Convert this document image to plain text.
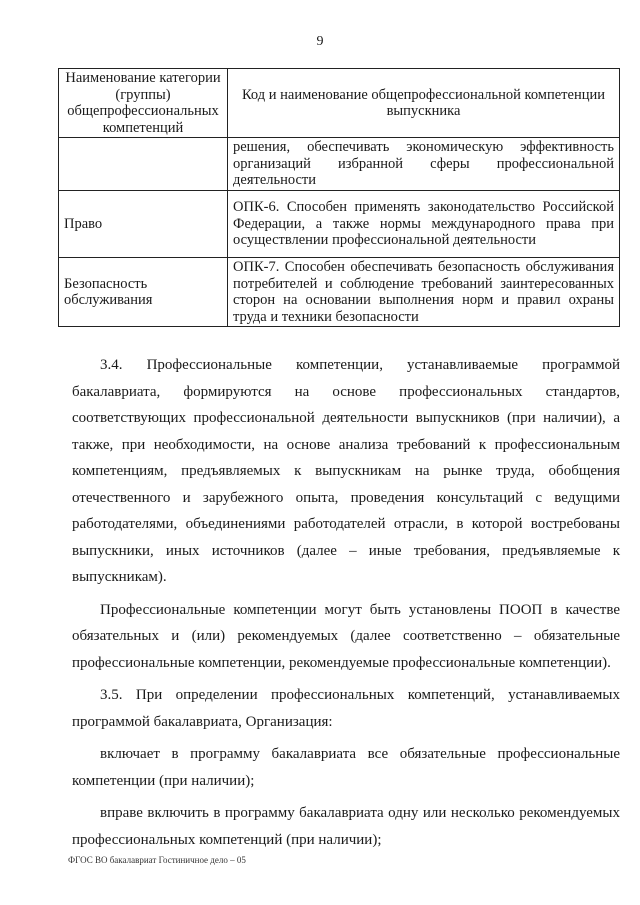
9
Наименование категории (группы) общепрофессиональных компетенций	Код и наименование общепрофессиональной компетенции выпускника
	решения, обеспечивать экономическую эффективность организаций избранной сферы профессиональной деятельности
Право	ОПК-6. Способен применять законодательство Российской Федерации, а также нормы международного права при осуществлении профессиональной деятельности
Безопасность обслуживания	ОПК-7. Способен обеспечивать безопасность обслуживания потребителей и соблюдение требований заинтересованных сторон на основании выполнения норм и правил охраны труда и техники безопасности

3.4. Профессиональные компетенции, устанавливаемые программой бакалавриата, формируются на основе профессиональных стандартов, соответствующих профессиональной деятельности выпускников (при наличии), а также, при необходимости, на основе анализа требований к профессиональным компетенциям, предъявляемых к выпускникам на рынке труда, обобщения отечественного и зарубежного опыта, проведения консультаций с ведущими работодателями, объединениями работодателей отрасли, в которой востребованы выпускники, иных источников (далее – иные требования, предъявляемые к выпускникам).

Профессиональные компетенции могут быть установлены ПООП в качестве обязательных и (или) рекомендуемых (далее соответственно – обязательные профессиональные компетенции, рекомендуемые профессиональные компетенции).

3.5. При определении профессиональных компетенций, устанавливаемых программой бакалавриата, Организация:

включает в программу бакалавриата все обязательные профессиональные компетенции (при наличии);

вправе включить в программу бакалавриата одну или несколько рекомендуемых профессиональных компетенций (при наличии);

ФГОС ВО бакалавриат Гостиничное дело – 05
